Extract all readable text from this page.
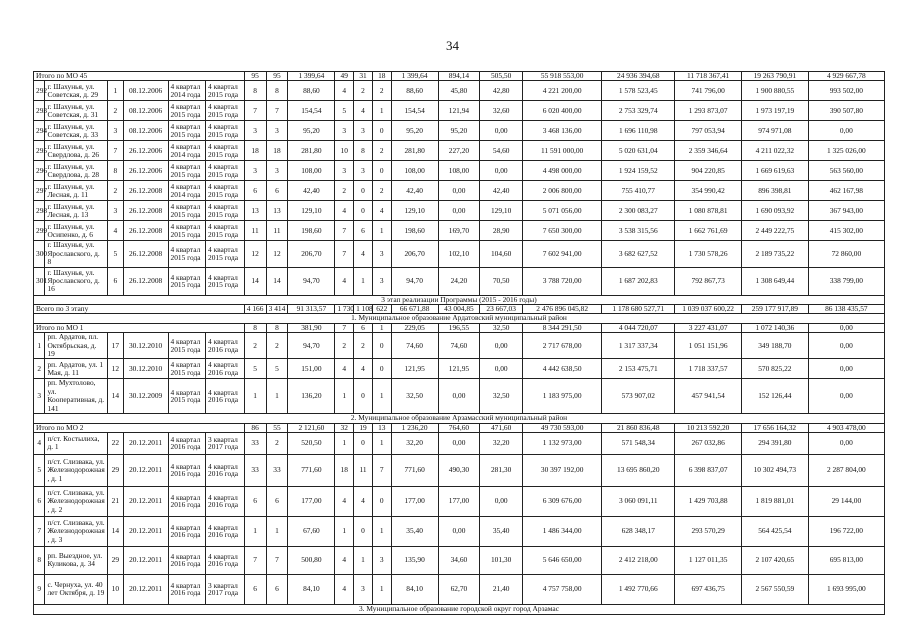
34
Итого по МО 45						95	95	1 399,64	49	31	18	1 399,64	894,14	505,50	55 918 553,00	24 936 394,68	11 718 367,41	19 263 790,91	4 929 667,78
292	г. Шахунья, ул. Советская, д. 29	1	08.12.2006	4 квартал 2014 года	4 квартал 2015 года	8	8	88,60	4	2	2	88,60	45,80	42,80	4 221 200,00	1 578 523,45	741 796,00	1 900 880,55	993 502,00
293	г. Шахунья, ул. Советская, д. 31	2	08.12.2006	4 квартал 2015 года	4 квартал 2015 года	7	7	154,54	5	4	1	154,54	121,94	32,60	6 020 400,00	2 753 329,74	1 293 873,07	1 973 197,19	390 507,80
294	г. Шахунья, ул. Советская, д. 33	3	08.12.2006	4 квартал 2015 года	4 квартал 2015 года	3	3	95,20	3	3	0	95,20	95,20	0,00	3 468 136,00	1 696 110,98	797 053,94	974 971,08	0,00
295	г. Шахунья, ул. Свердлова, д. 26	7	26.12.2006	4 квартал 2014 года	4 квартал 2015 года	18	18	281,80	10	8	2	281,80	227,20	54,60	11 591 000,00	5 020 631,04	2 359 346,64	4 211 022,32	1 325 026,00
296	г. Шахунья, ул. Свердлова, д. 28	8	26.12.2006	4 квартал 2015 года	4 квартал 2015 года	3	3	108,00	3	3	0	108,00	108,00	0,00	4 498 000,00	1 924 159,52	904 220,85	1 669 619,63	563 560,00
297	г. Шахунья, ул. Лесная, д. 11	2	26.12.2008	4 квартал 2014 года	4 квартал 2015 года	6	6	42,40	2	0	2	42,40	0,00	42,40	2 006 800,00	755 410,77	354 990,42	896 398,81	462 167,98
298	г. Шахунья, ул. Лесная, д. 13	3	26.12.2008	4 квартал 2015 года	4 квартал 2015 года	13	13	129,10	4	0	4	129,10	0,00	129,10	5 071 056,00	2 300 083,27	1 080 878,81	1 690 093,92	367 943,00
299	г. Шахунья, ул. Осипенко, д. 6	4	26.12.2008	4 квартал 2015 года	4 квартал 2015 года	11	11	198,60	7	6	1	198,60	169,70	28,90	7 650 300,00	3 538 315,56	1 662 761,69	2 449 222,75	415 302,00
300	г. Шахунья, ул. Ярославского, д. 8	5	26.12.2008	4 квартал 2015 года	4 квартал 2015 года	12	12	206,70	7	4	3	206,70	102,10	104,60	7 602 941,00	3 682 627,52	1 730 578,26	2 189 735,22	72 860,00
301	г. Шахунья, ул. Ярославского, д. 16	6	26.12.2008	4 квартал 2015 года	4 квартал 2015 года	14	14	94,70	4	1	3	94,70	24,20	70,50	3 788 720,00	1 687 202,83	792 867,73	1 308 649,44	338 799,00
3 этап реализации Программы (2015 - 2016 годы)																			
Всего по 3 этапу						4 166	3 414	91 313,57	1 730	1 108	622	66 671,88	43 004,85	23 667,03	2 476 896 045,82	1 178 680 527,71	1 039 037 600,22	259 177 917,89	86 138 435,57
1. Муниципальное образование Ардатовский муниципальный район																			
Итого по МО 1						8	8	381,90	7	6	1	229,05	196,55	32,50	8 344 291,50	4 044 720,07	3 227 431,07	1 072 140,36	0,00
1	рп. Ардатов, пл. Октябрьская, д. 19	17	30.12.2010	4 квартал 2015 года	4 квартал 2016 года	2	2	94,70	2	2	0	74,60	74,60	0,00	2 717 678,00	1 317 337,34	1 051 151,96	349 188,70	0,00
2	рп. Ардатов, ул. 1 Мая, д. 11	12	30.12.2010	4 квартал 2015 года	4 квартал 2016 года	5	5	151,00	4	4	0	121,95	121,95	0,00	4 442 638,50	2 153 475,71	1 718 337,57	570 825,22	0,00
3	рп. Мухтолово, ул. Кооперативная, д. 141	14	30.12.2009	4 квартал 2015 года	4 квартал 2016 года	1	1	136,20	1	0	1	32,50	0,00	32,50	1 183 975,00	573 907,02	457 941,54	152 126,44	0,00
2. Муниципальное образование Арзамасский муниципальный район																			
Итого по МО 2						86	55	2 121,60	32	19	13	1 236,20	764,60	471,60	49 730 593,00	21 860 836,48	10 213 592,20	17 656 164,32	4 903 478,00
4	п/ст. Костылиха, д. 1	22	20.12.2011	4 квартал 2016 года	3 квартал 2017 года	33	2	520,50	1	0	1	32,20	0,00	32,20	1 132 973,00	571 548,34	267 032,86	294 391,80	0,00
5	п/ст. Слизвака, ул. Железнодорожная, д. 1	29	20.12.2011	4 квартал 2016 года	4 квартал 2016 года	33	33	771,60	18	11	7	771,60	490,30	281,30	30 397 192,00	13 695 860,20	6 398 837,07	10 302 494,73	2 287 804,00
6	п/ст. Слизвака, ул. Железнодорожная, д. 2	21	20.12.2011	4 квартал 2016 года	4 квартал 2016 года	6	6	177,00	4	4	0	177,00	177,00	0,00	6 309 676,00	3 060 091,11	1 429 703,88	1 819 881,01	29 144,00
7	п/ст. Слизвака, ул. Железнодорожная, д. 3	14	20.12.2011	4 квартал 2016 года	4 квартал 2016 года	1	1	67,60	1	0	1	35,40	0,00	35,40	1 486 344,00	628 348,17	293 570,29	564 425,54	196 722,00
8	рп. Выездное, ул. Куликова, д. 34	29	20.12.2011	4 квартал 2016 года	4 квартал 2016 года	7	7	500,80	4	1	3	135,90	34,60	101,30	5 646 650,00	2 412 218,00	1 127 011,35	2 107 420,65	695 813,00
9	с. Чернуха, ул. 40 лет Октября, д. 19	10	20.12.2011	4 квартал 2016 года	3 квартал 2017 года	6	6	84,10	4	3	1	84,10	62,70	21,40	4 757 758,00	1 492 770,66	697 436,75	2 567 550,59	1 693 995,00
3. Муниципальное образование городской округ город Арзамас																			
